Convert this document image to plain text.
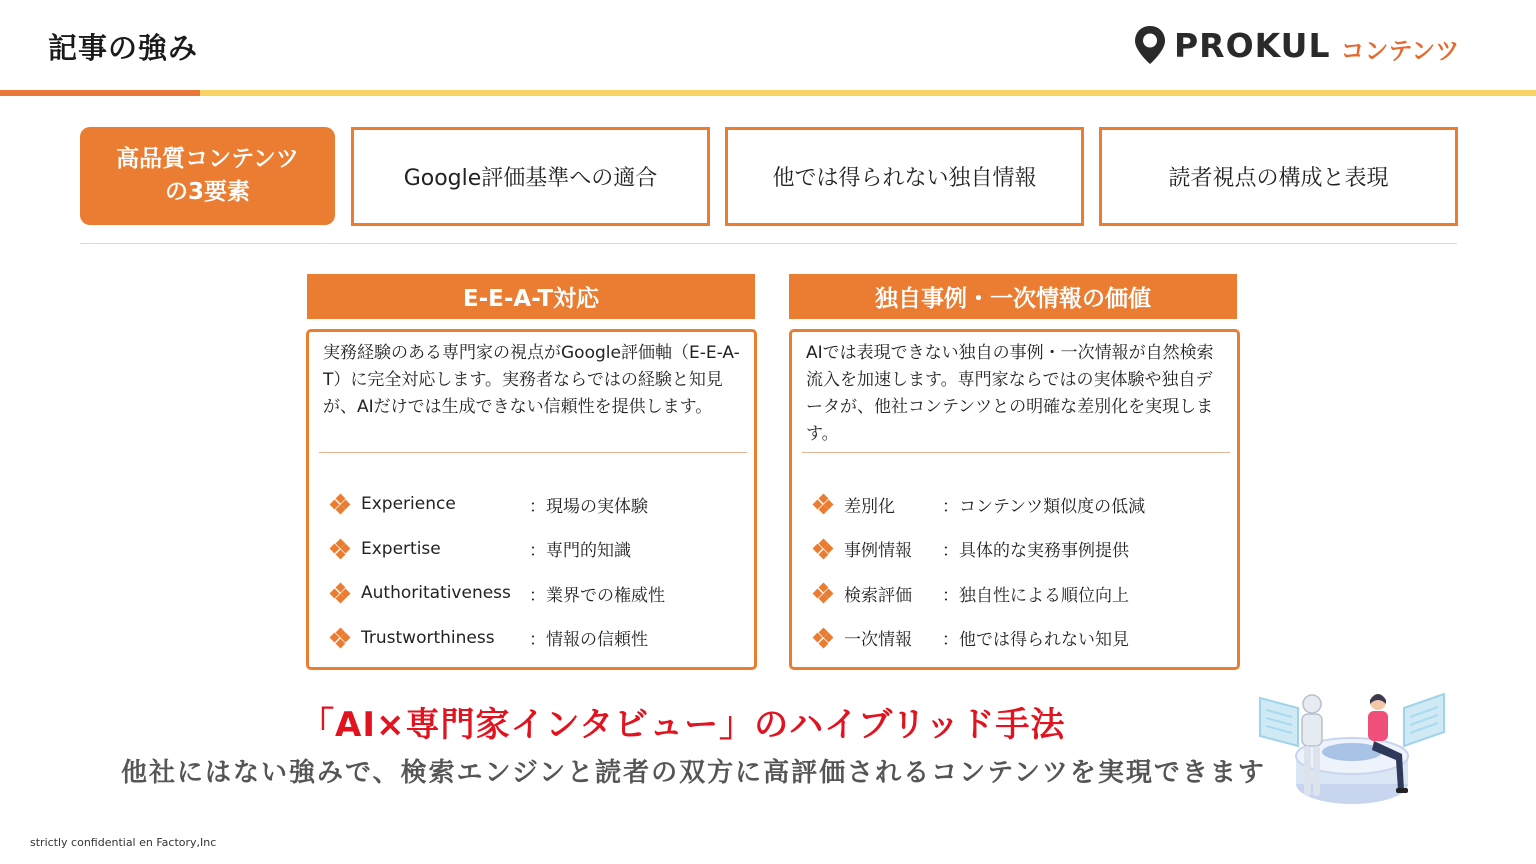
記事の強み	PROKUL コンテンツ
高品質コンテンツ
の3要素
Google評価基準への適合	他では得られない独自情報	読者視点の構成と表現
E-E-A-T対応
実務経験のある専門家の視点がGoogle評価軸（E-E-A-T）に完全対応します。実務者ならではの経験と知見が、AIだけでは生成できない信頼性を提供します。
Experience	：現場の実体験
Expertise	：専門的知識
Authoritativeness	：業界での権威性
Trustworthiness	：情報の信頼性
独自事例・一次情報の価値
AIでは表現できない独自の事例・一次情報が自然検索流入を加速します。専門家ならではの実体験や独自データが、他社コンテンツとの明確な差別化を実現します。
差別化	：コンテンツ類似度の低減
事例情報	：具体的な実務事例提供
検索評価	：独自性による順位向上
一次情報	：他では得られない知見
「AI×専門家インタビュー」のハイブリッド手法
他社にはない強みで、検索エンジンと読者の双方に高評価されるコンテンツを実現できます
strictly confidential en Factory,Inc
